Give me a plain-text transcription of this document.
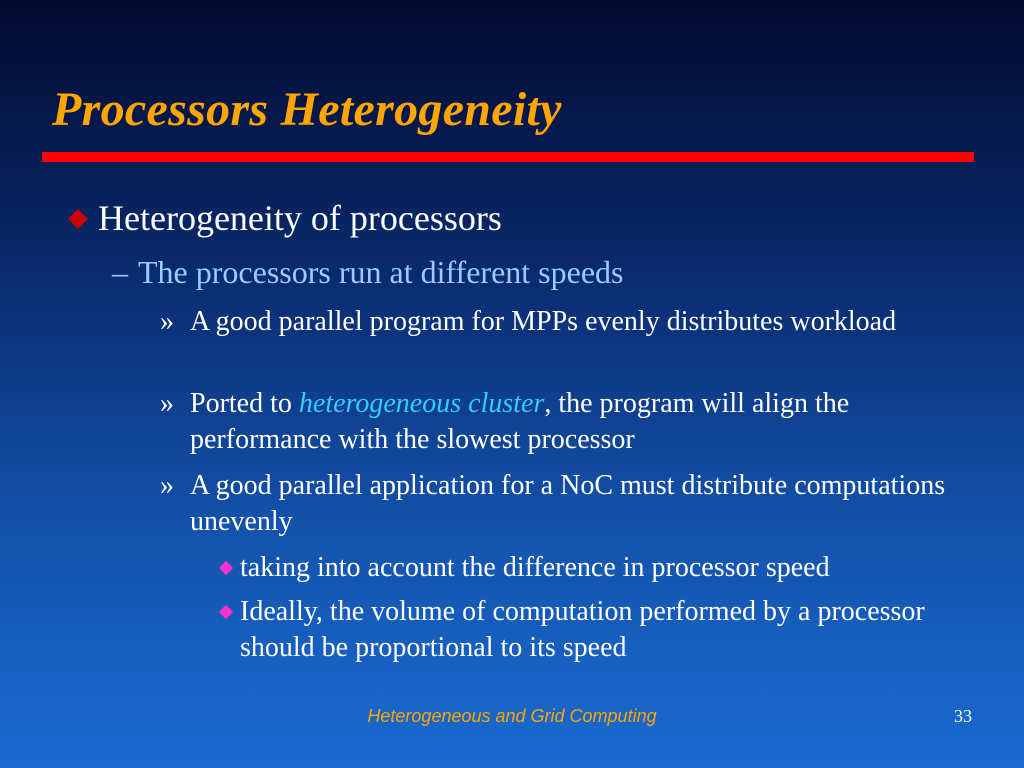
Processors Heterogeneity
Heterogeneity of processors
– The processors run at different speeds
» A good parallel program for MPPs evenly distributes workload
» Ported to heterogeneous cluster, the program will align the performance with the slowest processor
» A good parallel application for a NoC must distribute computations unevenly
taking into account the difference in processor speed
Ideally, the volume of computation performed by a processor should be proportional to its speed
Heterogeneous and Grid Computing	33
